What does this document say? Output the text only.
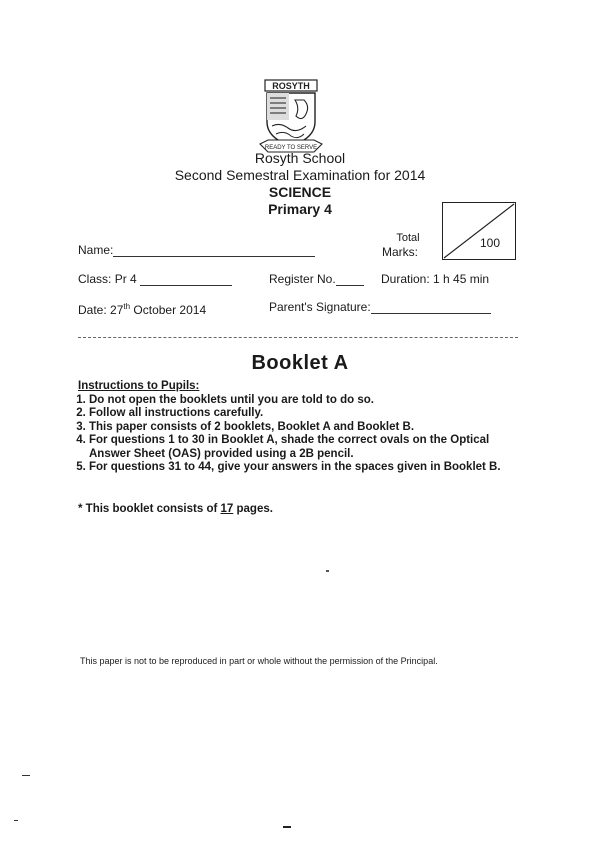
ROSYTH
READY TO SERVE
Rosyth School
Second Semestral Examination for 2014
SCIENCE
Primary 4
Total
Marks:
100
Name:
Class: Pr 4	Register No.	Duration: 1 h 45 min
Date: 27th October 2014	Parent's Signature:
Booklet A
Instructions to Pupils:
1. Do not open the booklets until you are told to do so.
2. Follow all instructions carefully.
3. This paper consists of 2 booklets, Booklet A and Booklet B.
4. For questions 1 to 30 in Booklet A, shade the correct ovals on the Optical Answer Sheet (OAS) provided using a 2B pencil.
5. For questions 31 to 44, give your answers in the spaces given in Booklet B.
* This booklet consists of 17 pages.
This paper is not to be reproduced in part or whole without the permission of the Principal.
